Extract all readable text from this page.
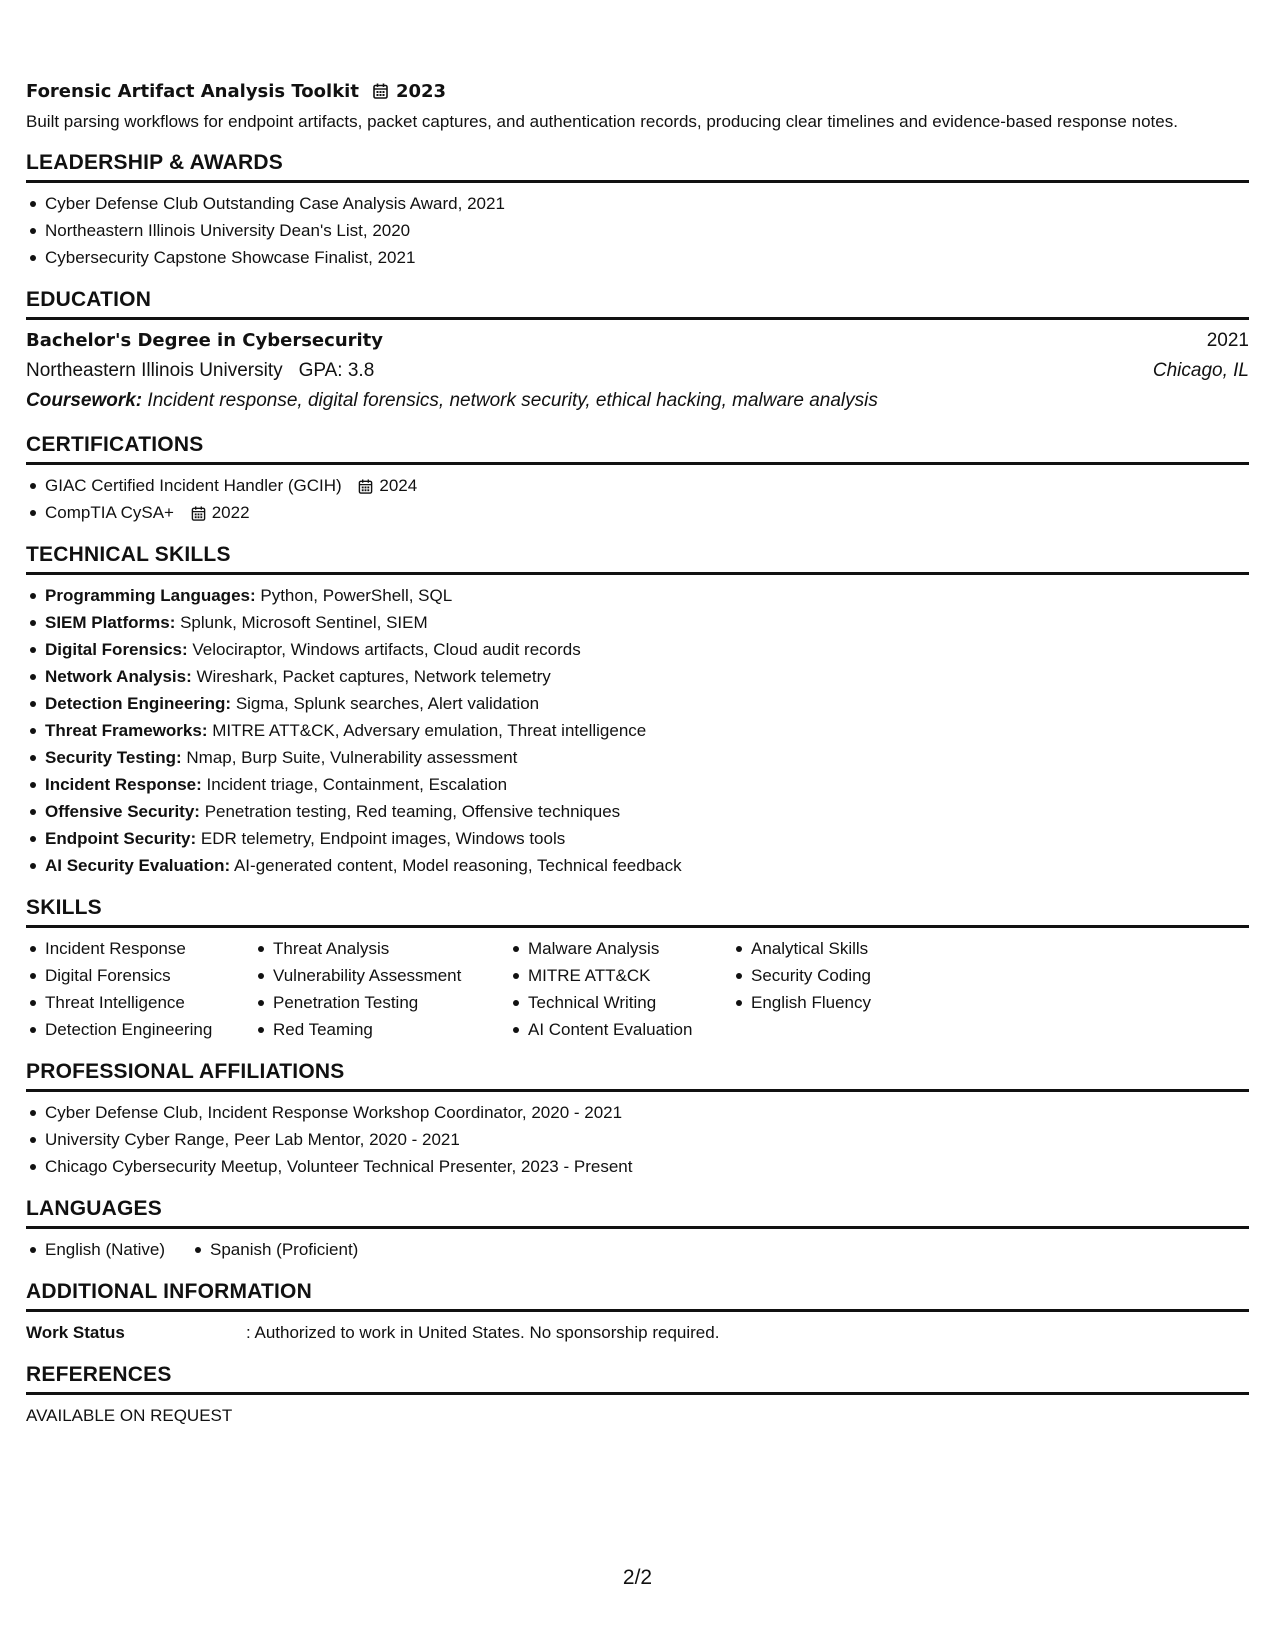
Forensic Artifact Analysis Toolkit 2023
Built parsing workflows for endpoint artifacts, packet captures, and authentication records, producing clear timelines and evidence-based response notes.
LEADERSHIP & AWARDS
Cyber Defense Club Outstanding Case Analysis Award, 2021
Northeastern Illinois University Dean's List, 2020
Cybersecurity Capstone Showcase Finalist, 2021
EDUCATION
Bachelor's Degree in Cybersecurity	2021
Northeastern Illinois University GPA: 3.8	Chicago, IL
Coursework: Incident response, digital forensics, network security, ethical hacking, malware analysis
CERTIFICATIONS
GIAC Certified Incident Handler (GCIH) 2024
CompTIA CySA+ 2022
TECHNICAL SKILLS
Programming Languages: Python, PowerShell, SQL
SIEM Platforms: Splunk, Microsoft Sentinel, SIEM
Digital Forensics: Velociraptor, Windows artifacts, Cloud audit records
Network Analysis: Wireshark, Packet captures, Network telemetry
Detection Engineering: Sigma, Splunk searches, Alert validation
Threat Frameworks: MITRE ATT&CK, Adversary emulation, Threat intelligence
Security Testing: Nmap, Burp Suite, Vulnerability assessment
Incident Response: Incident triage, Containment, Escalation
Offensive Security: Penetration testing, Red teaming, Offensive techniques
Endpoint Security: EDR telemetry, Endpoint images, Windows tools
AI Security Evaluation: AI-generated content, Model reasoning, Technical feedback
SKILLS
Incident Response
Digital Forensics
Threat Intelligence
Detection Engineering
Threat Analysis
Vulnerability Assessment
Penetration Testing
Red Teaming
Malware Analysis
MITRE ATT&CK
Technical Writing
AI Content Evaluation
Analytical Skills
Security Coding
English Fluency
PROFESSIONAL AFFILIATIONS
Cyber Defense Club, Incident Response Workshop Coordinator, 2020 - 2021
University Cyber Range, Peer Lab Mentor, 2020 - 2021
Chicago Cybersecurity Meetup, Volunteer Technical Presenter, 2023 - Present
LANGUAGES
English (Native)	Spanish (Proficient)
ADDITIONAL INFORMATION
Work Status	: Authorized to work in United States. No sponsorship required.
REFERENCES
AVAILABLE ON REQUEST
2/2
